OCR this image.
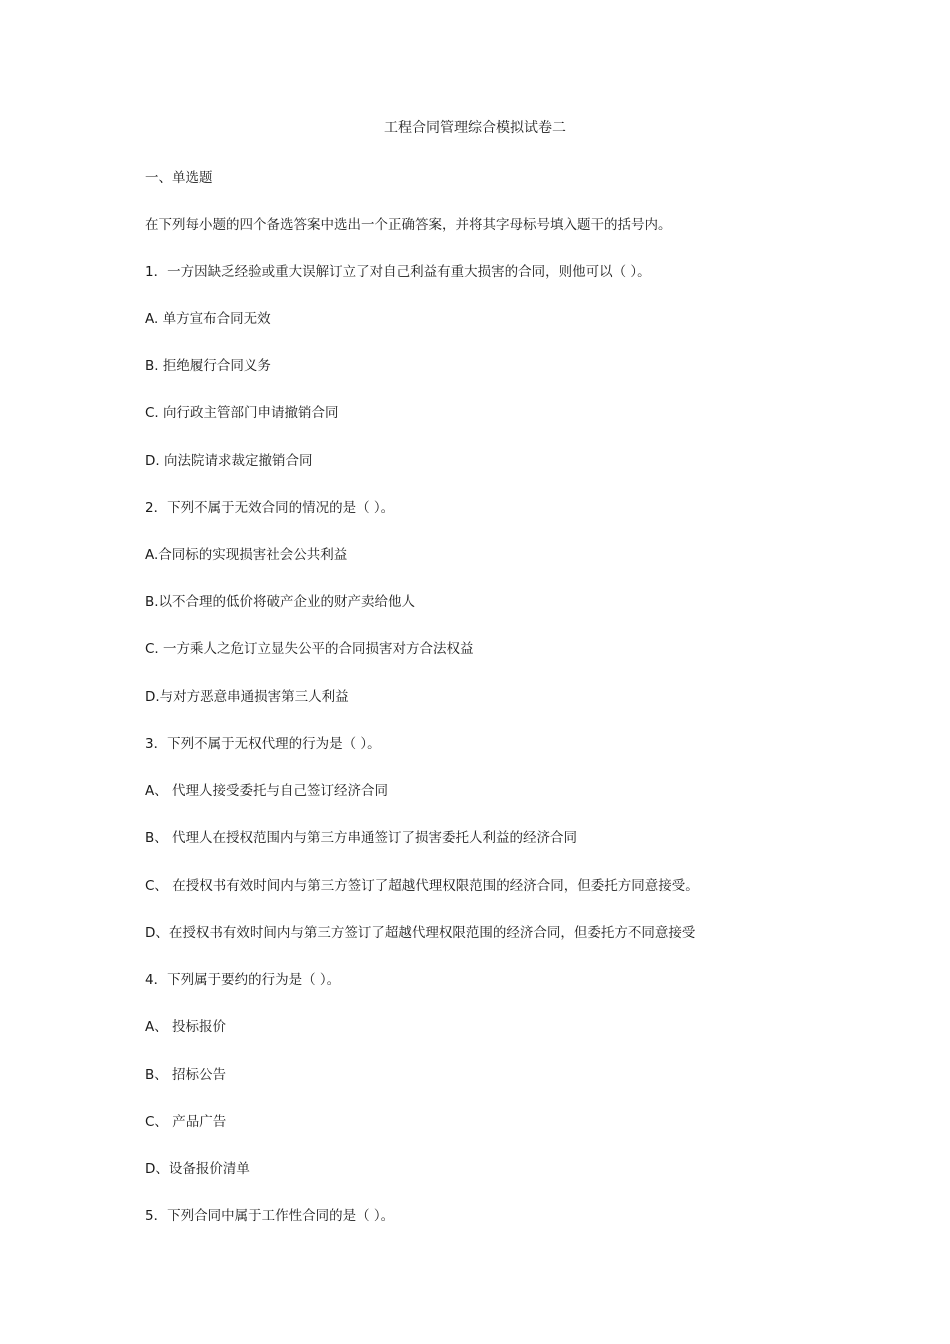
工程合同管理综合模拟试卷二
一、单选题
在下列每小题的四个备选答案中选出一个正确答案，并将其字母标号填入题干的括号内。
1．一方因缺乏经验或重大误解订立了对自己利益有重大损害的合同，则他可以（ ）。
A. 单方宣布合同无效
B. 拒绝履行合同义务
C. 向行政主管部门申请撤销合同
D. 向法院请求裁定撤销合同
2．下列不属于无效合同的情况的是（ ）。
A.合同标的实现损害社会公共利益
B.以不合理的低价将破产企业的财产卖给他人
C. 一方乘人之危订立显失公平的合同损害对方合法权益
D.与对方恶意串通损害第三人利益
3．下列不属于无权代理的行为是（ ）。
A、 代理人接受委托与自己签订经济合同
B、 代理人在授权范围内与第三方串通签订了损害委托人利益的经济合同
C、 在授权书有效时间内与第三方签订了超越代理权限范围的经济合同，但委托方同意接受。
D、在授权书有效时间内与第三方签订了超越代理权限范围的经济合同，但委托方不同意接受
4．下列属于要约的行为是（ ）。
A、 投标报价
B、 招标公告
C、 产品广告
D、设备报价清单
5．下列合同中属于工作性合同的是（ ）。
